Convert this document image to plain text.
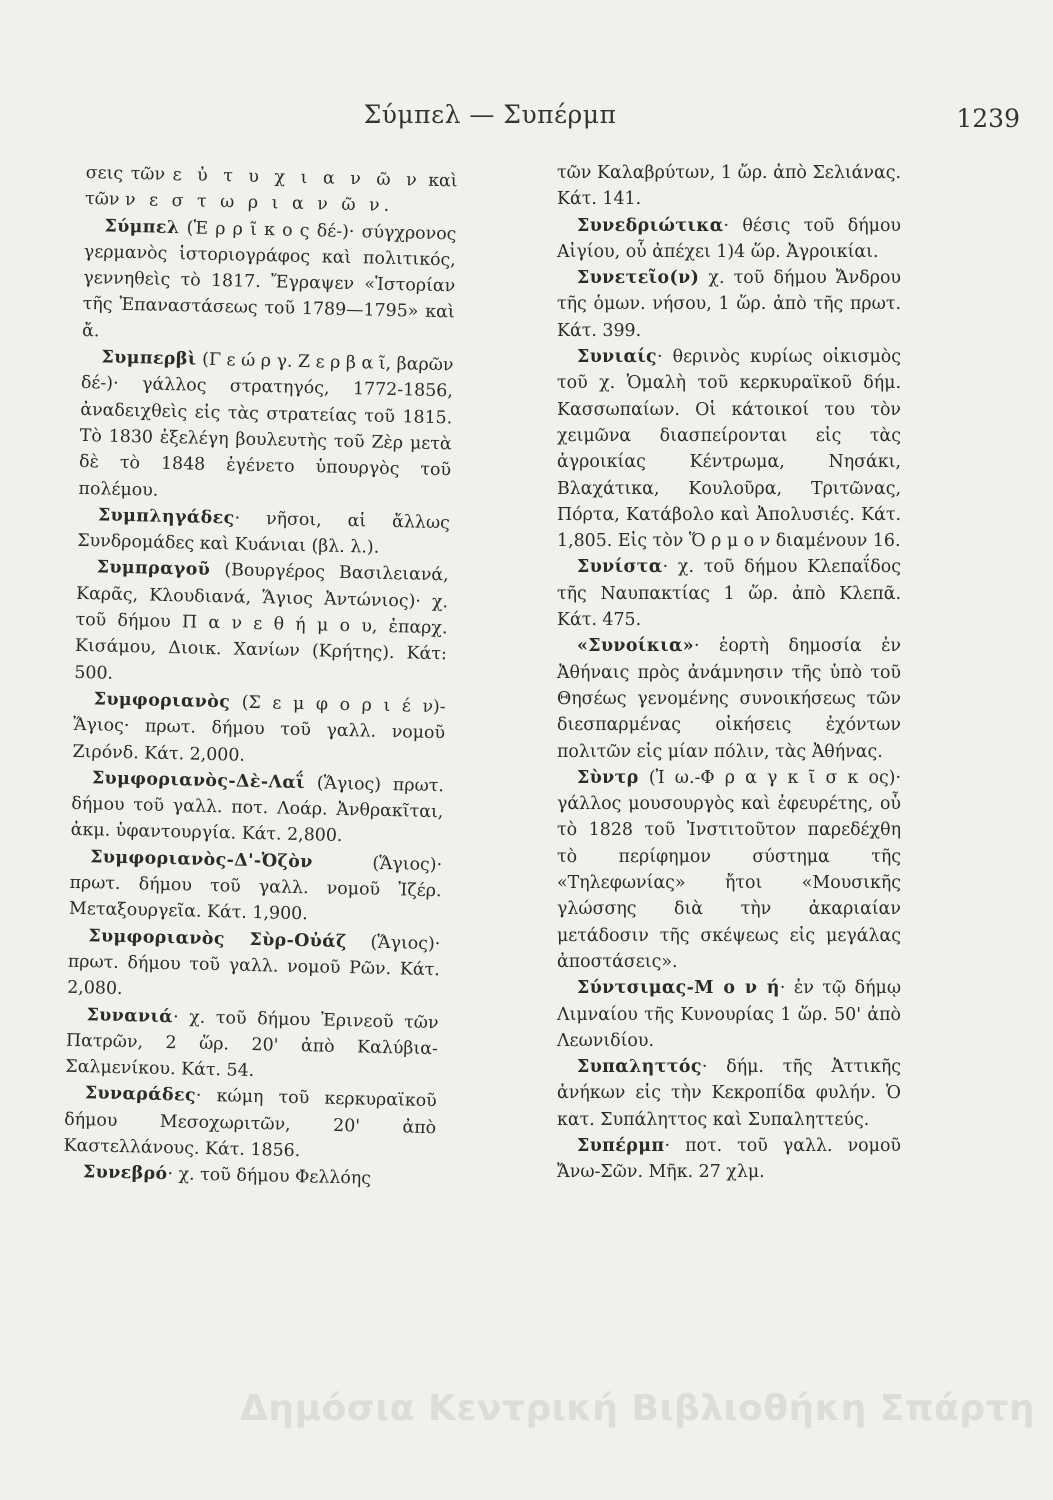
Σύμπελ — Συπέρμπ	1239

σεις τῶν ε ὐ τ υ χ ι α ν ῶ ν καὶ τῶν ν ε σ τ ω ρ ι α ν ῶ ν.

Σύμπελ (Ἑ ρ ρ ῖ κ ο ς δέ-)· σύγχρονος γερμανὸς ἱστοριογράφος καὶ πολιτικός, γεννηθεὶς τὸ 1817. Ἔγραψεν «Ἱστορίαν τῆς Ἐπαναστάσεως τοῦ 1789—1795» καὶ ἄ.

Συμπερβὶ (Γ ε ώ ρ γ. Ζ ε ρ β α ῖ, βαρῶν δέ-)· γάλλος στρατηγός, 1772-1856, ἀναδειχθεὶς εἰς τὰς στρατείας τοῦ 1815. Τὸ 1830 ἐξελέγη βουλευτὴς τοῦ Ζὲρ μετὰ δὲ τὸ 1848 ἐγένετο ὑπουργὸς τοῦ πολέμου.

Συμπληγάδες· νῆσοι, αἱ ἄλλως Συνδρομάδες καὶ Κυάνιαι (βλ. λ.).

Συμπραγοῦ (Βουργέρος Βασιλειανά, Καρᾶς, Κλουδιανά, Ἅγιος Ἀντώνιος)· χ. τοῦ δήμου Π α ν ε θ ή μ ο υ, ἐπαρχ. Κισάμου, Διοικ. Χανίων (Κρήτης). Κάτ: 500.

Συμφοριανὸς (Σ ε μ φ ο ρ ι έ ν)-Ἅγιος· πρωτ. δήμου τοῦ γαλλ. νομοῦ Ζιρόνδ. Κάτ. 2,000.

Συμφοριανὸς-Δὲ-Λαΐ (Ἅγιος) πρωτ. δήμου τοῦ γαλλ. ποτ. Λοάρ. Ἀνθρακῖται, ἀκμ. ὑφαντουργία. Κάτ. 2,800.

Συμφοριανὸς-Δ'-Ὀζὸν (Ἅγιος)· πρωτ. δήμου τοῦ γαλλ. νομοῦ Ἰζέρ. Μεταξουργεῖα. Κάτ. 1,900.

Συμφοριανὸς Σὺρ-Οὐάζ (Ἅγιος)· πρωτ. δήμου τοῦ γαλλ. νομοῦ Ρῶν. Κάτ. 2,080.

Συνανιά· χ. τοῦ δήμου Ἐρινεοῦ τῶν Πατρῶν, 2 ὥρ. 20' ἀπὸ Καλύβια-Σαλμενίκου. Κάτ. 54.

Συναράδες· κώμη τοῦ κερκυραϊκοῦ δήμου Μεσοχωριτῶν, 20' ἀπὸ Καστελλάνους. Κάτ. 1856.

Συνεβρό· χ. τοῦ δήμου Φελλόης

τῶν Καλαβρύτων, 1 ὥρ. ἀπὸ Σελιάνας. Κάτ. 141.

Συνεδριώτικα· θέσις τοῦ δήμου Αἰγίου, οὗ ἀπέχει 1)4 ὥρ. Ἀγροικίαι.

Συνετεῖο(ν) χ. τοῦ δήμου Ἄνδρου τῆς ὁμων. νήσου, 1 ὥρ. ἀπὸ τῆς πρωτ. Κάτ. 399.

Συνιαίς· θερινὸς κυρίως οἰκισμὸς τοῦ χ. Ὁμαλὴ τοῦ κερκυραϊκοῦ δήμ. Κασσωπαίων. Οἱ κάτοικοί του τὸν χειμῶνα διασπείρονται εἰς τὰς ἀγροικίας Κέντρωμα, Νησάκι, Βλαχάτικα, Κουλοῦρα, Τριτῶνας, Πόρτα, Κατάβολο καὶ Ἀπολυσιές. Κάτ. 1,805. Εἰς τὸν Ὅ ρ μ ο ν διαμένουν 16.

Συνίστα· χ. τοῦ δήμου Κλεπαΐδος τῆς Ναυπακτίας 1 ὥρ. ἀπὸ Κλεπᾶ. Κάτ. 475.

«Συνοίκια»· ἑορτὴ δημοσία ἐν Ἀθήναις πρὸς ἀνάμνησιν τῆς ὑπὸ τοῦ Θησέως γενομένης συνοικήσεως τῶν διεσπαρμένας οἰκήσεις ἐχόντων πολιτῶν εἰς μίαν πόλιν, τὰς Ἀθήνας.

Σὺντρ (Ἰ ω.-Φ ρ α γ κ ῖ σ κ ος)· γάλλος μουσουργὸς καὶ ἐφευρέτης, οὗ τὸ 1828 τοῦ Ἰνστιτοῦτον παρεδέχθη τὸ περίφημον σύστημα τῆς «Τηλεφωνίας» ἤτοι «Μουσικῆς γλώσσης διὰ τὴν ἀκαριαίαν μετάδοσιν τῆς σκέψεως εἰς μεγάλας ἀποστάσεις».

Σύντσιμας-Μ ο ν ή· ἐν τῷ δήμῳ Λιμναίου τῆς Κυνουρίας 1 ὥρ. 50' ἀπὸ Λεωνιδίου.

Συπαληττός· δήμ. τῆς Ἀττικῆς ἀνήκων εἰς τὴν Κεκροπίδα φυλήν. Ὁ κατ. Συπάληττος καὶ Συπαληττεύς.

Συπέρμπ· ποτ. τοῦ γαλλ. νομοῦ Ἄνω-Σῶν. Μῆκ. 27 χλμ.

Δημόσια Κεντρική Βιβλιοθήκη Σπάρτη
